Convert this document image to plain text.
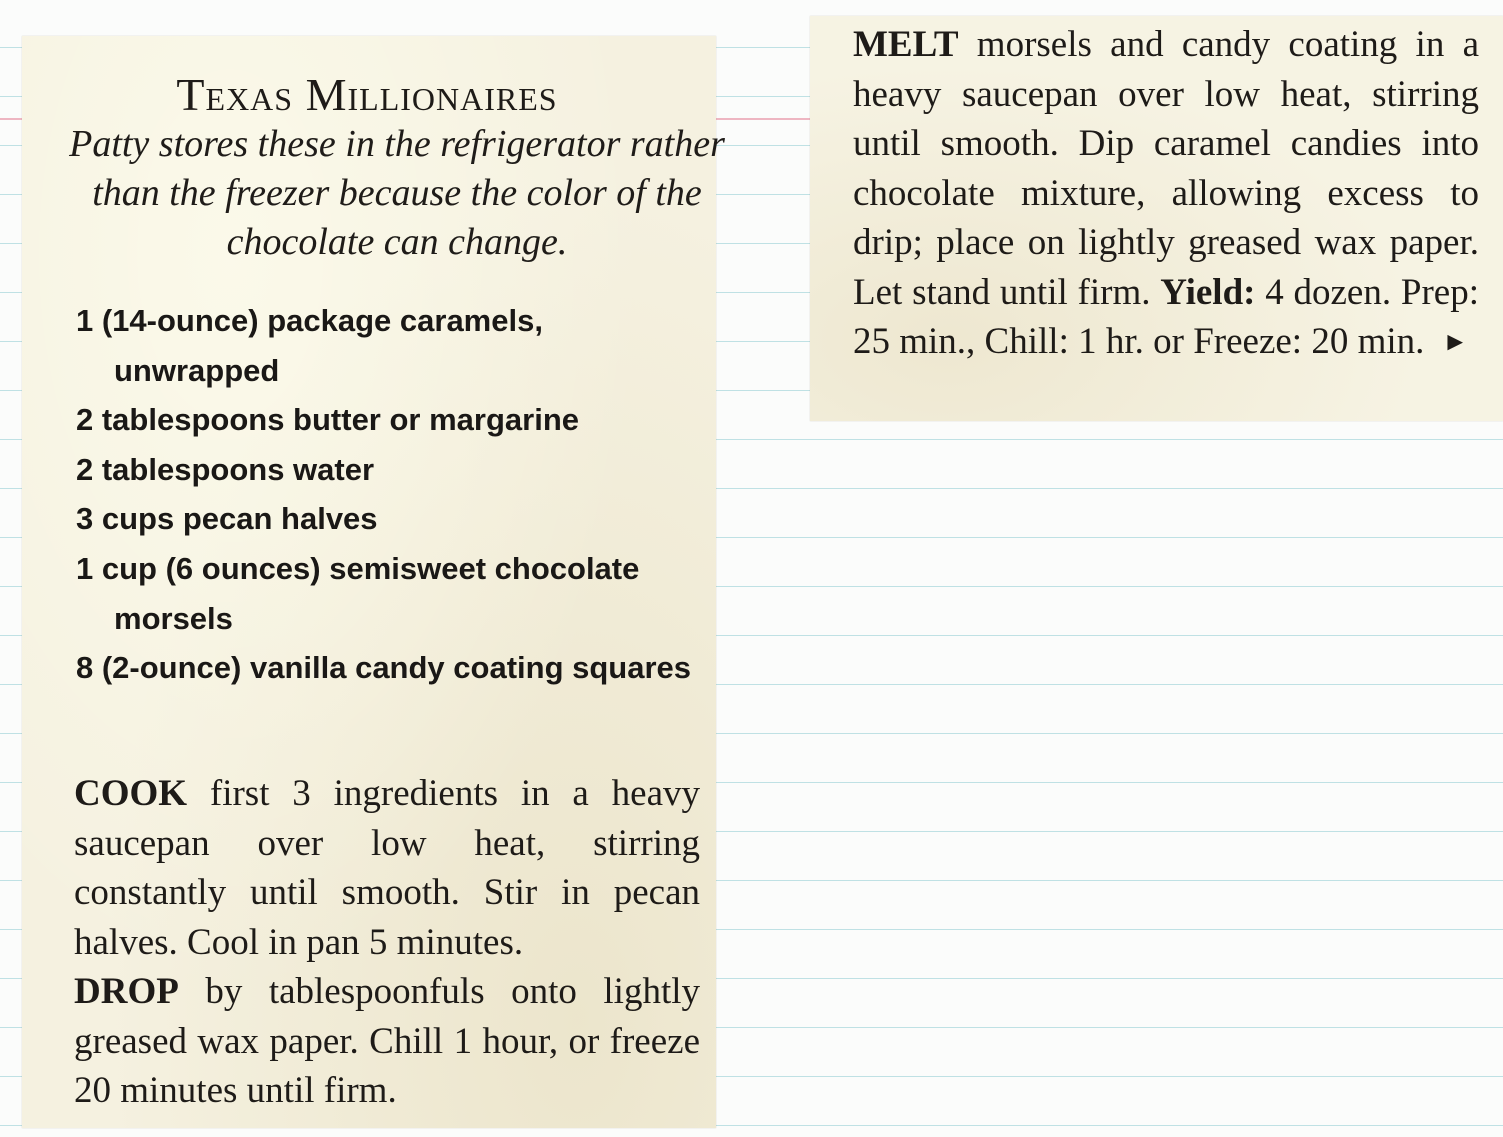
Texas Millionaires

Patty stores these in the refrigerator rather than the freezer because the color of the chocolate can change.

1 (14-ounce) package caramels, unwrapped
2 tablespoons butter or margarine
2 tablespoons water
3 cups pecan halves
1 cup (6 ounces) semisweet chocolate morsels
8 (2-ounce) vanilla candy coating squares

COOK first 3 ingredients in a heavy saucepan over low heat, stirring constantly until smooth. Stir in pecan halves. Cool in pan 5 minutes.

DROP by tablespoonfuls onto lightly greased wax paper. Chill 1 hour, or freeze 20 minutes until firm.

MELT morsels and candy coating in a heavy saucepan over low heat, stirring until smooth. Dip caramel candies into chocolate mixture, allowing excess to drip; place on lightly greased wax paper. Let stand until firm. Yield: 4 dozen. Prep: 25 min., Chill: 1 hr. or Freeze: 20 min. ►
